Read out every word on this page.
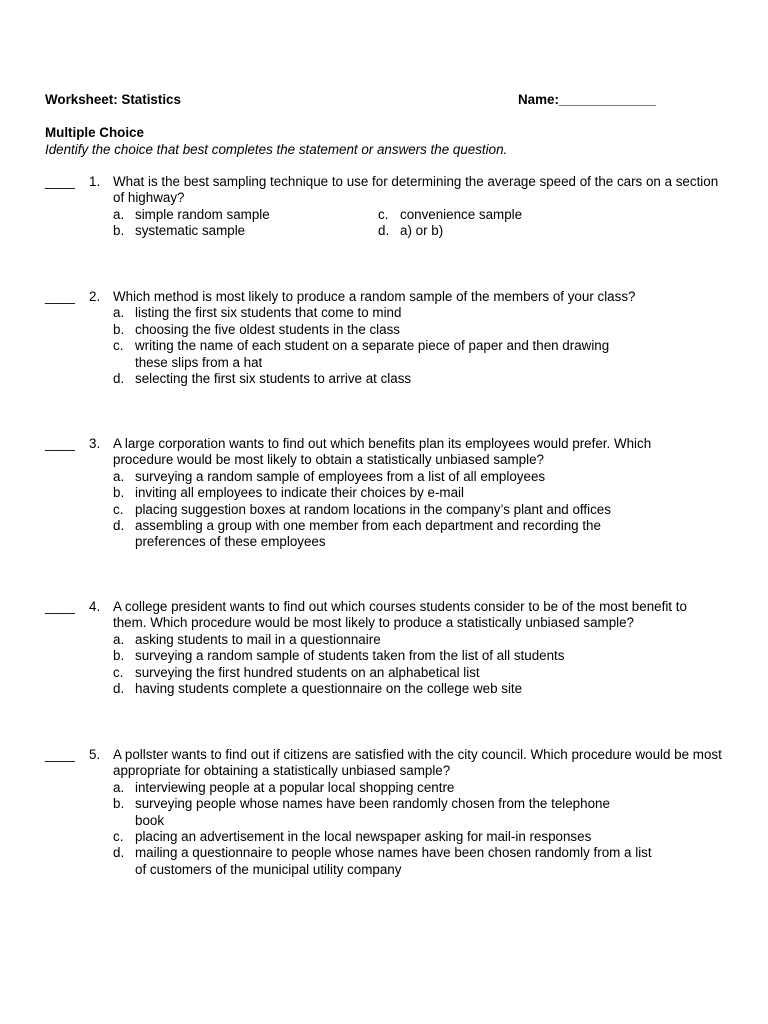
Worksheet: Statistics	Name:_____________
Multiple Choice
Identify the choice that best completes the statement or answers the question.
____ 1. What is the best sampling technique to use for determining the average speed of the cars on a section of highway?
a. simple random sample
b. systematic sample
c. convenience sample
d. a) or b)
____ 2. Which method is most likely to produce a random sample of the members of your class?
a. listing the first six students that come to mind
b. choosing the five oldest students in the class
c. writing the name of each student on a separate piece of paper and then drawing these slips from a hat
d. selecting the first six students to arrive at class
____ 3. A large corporation wants to find out which benefits plan its employees would prefer. Which procedure would be most likely to obtain a statistically unbiased sample?
a. surveying a random sample of employees from a list of all employees
b. inviting all employees to indicate their choices by e-mail
c. placing suggestion boxes at random locations in the company’s plant and offices
d. assembling a group with one member from each department and recording the preferences of these employees
____ 4. A college president wants to find out which courses students consider to be of the most benefit to them. Which procedure would be most likely to produce a statistically unbiased sample?
a. asking students to mail in a questionnaire
b. surveying a random sample of students taken from the list of all students
c. surveying the first hundred students on an alphabetical list
d. having students complete a questionnaire on the college web site
____ 5. A pollster wants to find out if citizens are satisfied with the city council. Which procedure would be most appropriate for obtaining a statistically unbiased sample?
a. interviewing people at a popular local shopping centre
b. surveying people whose names have been randomly chosen from the telephone book
c. placing an advertisement in the local newspaper asking for mail-in responses
d. mailing a questionnaire to people whose names have been chosen randomly from a list of customers of the municipal utility company
